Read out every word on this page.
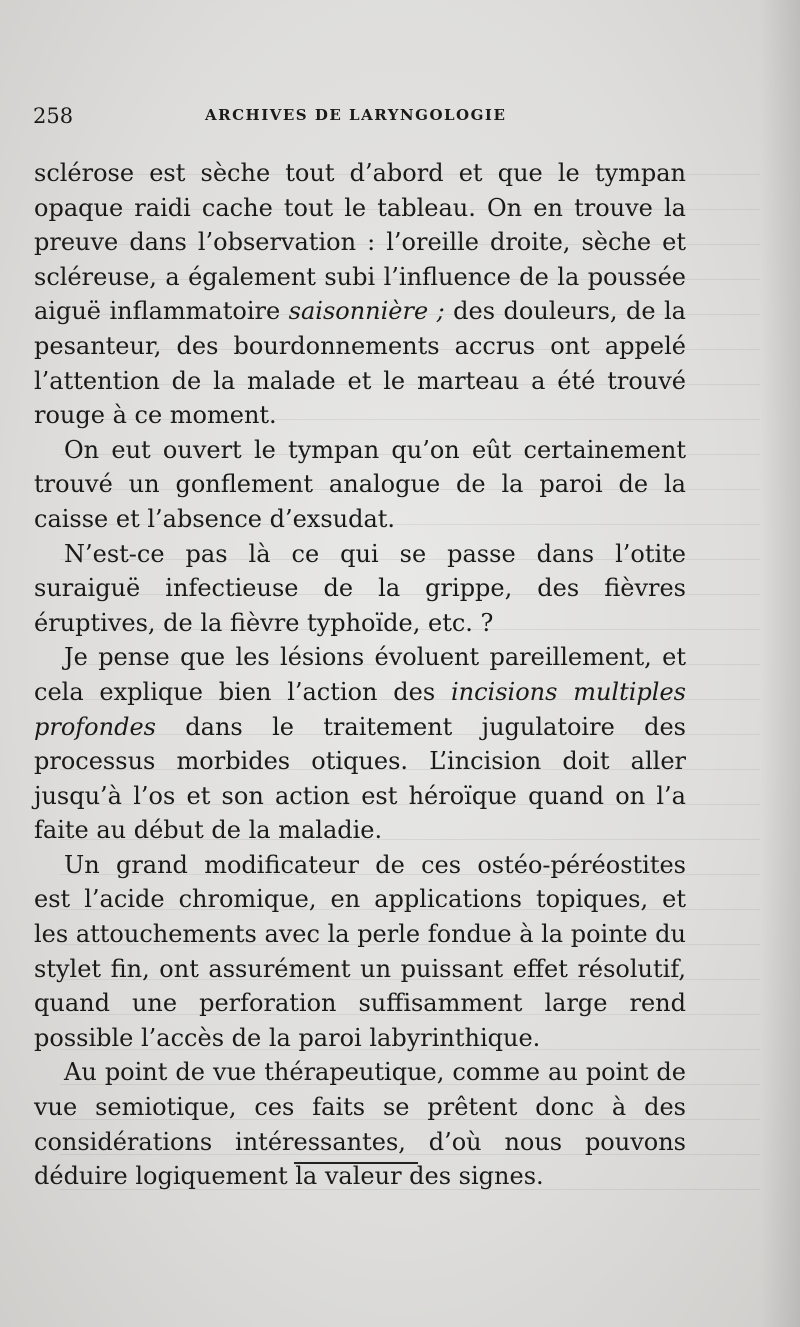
258	ARCHIVES DE LARYNGOLOGIE

sclérose est sèche tout d’abord et que le tympan opaque raidi cache tout le tableau. On en trouve la preuve dans l’observation : l’oreille droite, sèche et scléreuse, a également subi l’influence de la poussée aiguë inflammatoire saisonnière ; des douleurs, de la pesanteur, des bourdonnements accrus ont appelé l’attention de la malade et le marteau a été trouvé rouge à ce moment.

On eut ouvert le tympan qu’on eût certainement trouvé un gonflement analogue de la paroi de la caisse et l’absence d’exsudat.

N’est-ce pas là ce qui se passe dans l’otite suraiguë infectieuse de la grippe, des fièvres éruptives, de la fièvre typhoïde, etc. ?

Je pense que les lésions évoluent pareillement, et cela explique bien l’action des incisions multiples profondes dans le traitement jugulatoire des processus morbides otiques. L’incision doit aller jusqu’à l’os et son action est héroïque quand on l’a faite au début de la maladie.

Un grand modificateur de ces ostéo-péréostites est l’acide chromique, en applications topiques, et les attouchements avec la perle fondue à la pointe du stylet fin, ont assurément un puissant effet résolutif, quand une perforation suffisamment large rend possible l’accès de la paroi labyrinthique.

Au point de vue thérapeutique, comme au point de vue semiotique, ces faits se prêtent donc à des considérations intéressantes, d’où nous pouvons déduire logiquement la valeur des signes.
